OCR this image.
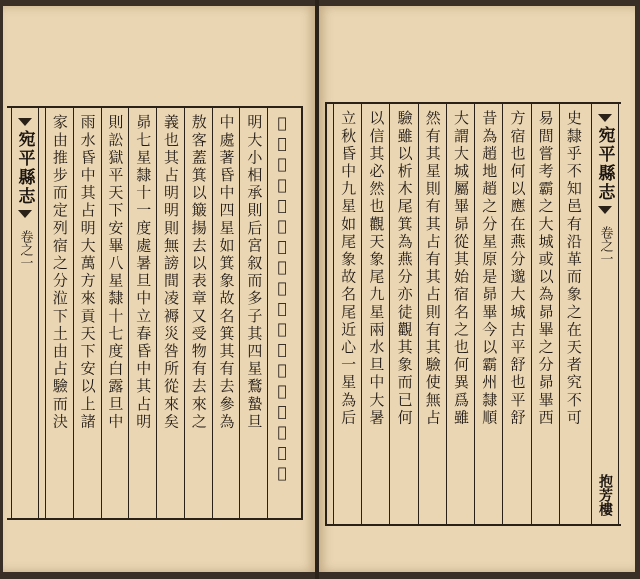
宛平縣志
卷之一	𣲖次三星為三嬪東二星為妾膳其占九星均
明大小相承則后宮叙而多子其四星鶩蟄旦
中處著昏中四星如箕象故名箕其有去參為
敖客蓋箕以簸揚去以表章又受物有去來之
義也其占明明則無謗間凌褥災咎所從來矣
昴七星隸十一度處暑旦中立春昏中其占明
則訟獄平天下安畢八星隸十七度白露旦中
雨水昏中其占明大萬方來貢天下安以上諸
家由推步而定列宿之分涖下土由占驗而決	宛平縣志
卷之一
抱芳樓
史隸乎不知邑有沿革而象之在天者究不可
易間嘗考霸之大城或以為昴畢之分昴畢西
方宿也何以應在燕分邈大城古平舒也平舒
昔為趙地趙之分星原是昴畢今以霸州隸順
大謂大城屬畢昴從其始宿名之也何異爲雖
然有其星則有其占有其占則有其驗使無占
驗雖以析木尾箕為燕分亦徒觀其象而已何
以信其必然也觀天象尾九星兩水旦中大暑
立秋昏中九星如尾象故名尾近心一星為后
